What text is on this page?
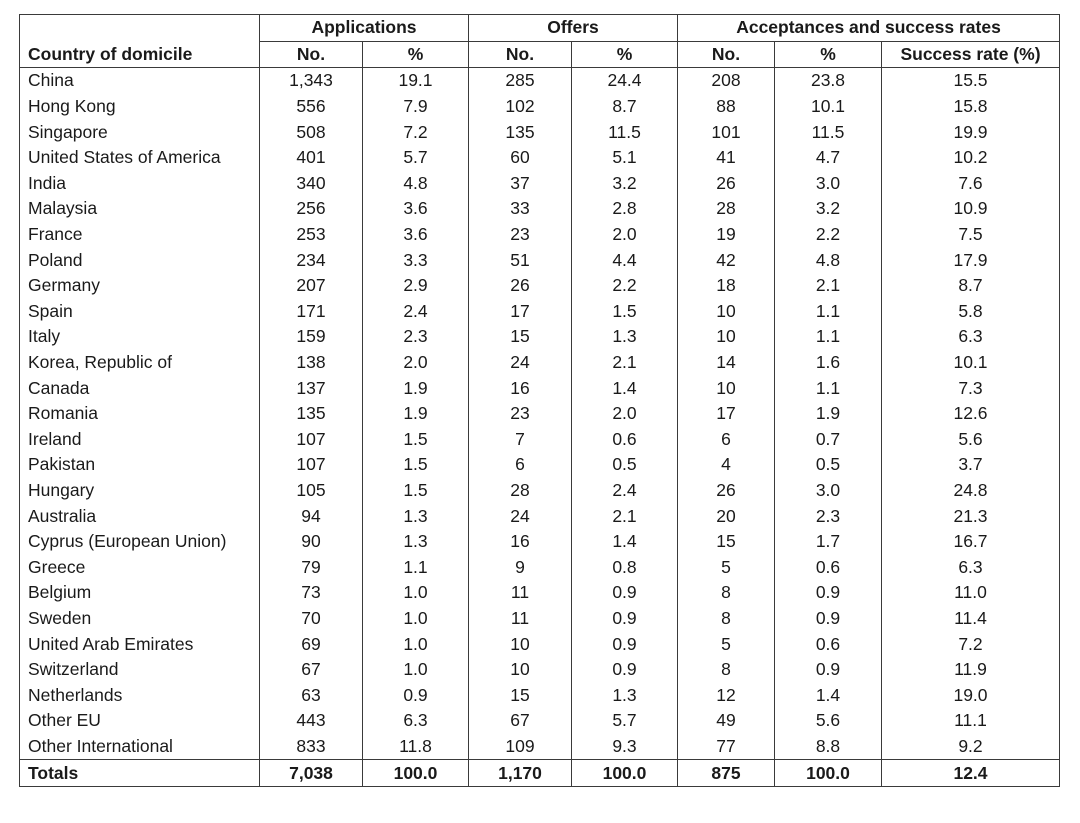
	Applications		Offers		Acceptances and success rates		
Country of domicile	No.	%	No.	%	No.	%	Success rate (%)
China	1,343	19.1	285	24.4	208	23.8	15.5
Hong Kong	556	7.9	102	8.7	88	10.1	15.8
Singapore	508	7.2	135	11.5	101	11.5	19.9
United States of America	401	5.7	60	5.1	41	4.7	10.2
India	340	4.8	37	3.2	26	3.0	7.6
Malaysia	256	3.6	33	2.8	28	3.2	10.9
France	253	3.6	23	2.0	19	2.2	7.5
Poland	234	3.3	51	4.4	42	4.8	17.9
Germany	207	2.9	26	2.2	18	2.1	8.7
Spain	171	2.4	17	1.5	10	1.1	5.8
Italy	159	2.3	15	1.3	10	1.1	6.3
Korea, Republic of	138	2.0	24	2.1	14	1.6	10.1
Canada	137	1.9	16	1.4	10	1.1	7.3
Romania	135	1.9	23	2.0	17	1.9	12.6
Ireland	107	1.5	7	0.6	6	0.7	5.6
Pakistan	107	1.5	6	0.5	4	0.5	3.7
Hungary	105	1.5	28	2.4	26	3.0	24.8
Australia	94	1.3	24	2.1	20	2.3	21.3
Cyprus (European Union)	90	1.3	16	1.4	15	1.7	16.7
Greece	79	1.1	9	0.8	5	0.6	6.3
Belgium	73	1.0	11	0.9	8	0.9	11.0
Sweden	70	1.0	11	0.9	8	0.9	11.4
United Arab Emirates	69	1.0	10	0.9	5	0.6	7.2
Switzerland	67	1.0	10	0.9	8	0.9	11.9
Netherlands	63	0.9	15	1.3	12	1.4	19.0
Other EU	443	6.3	67	5.7	49	5.6	11.1
Other International	833	11.8	109	9.3	77	8.8	9.2
Totals	7,038	100.0	1,170	100.0	875	100.0	12.4
